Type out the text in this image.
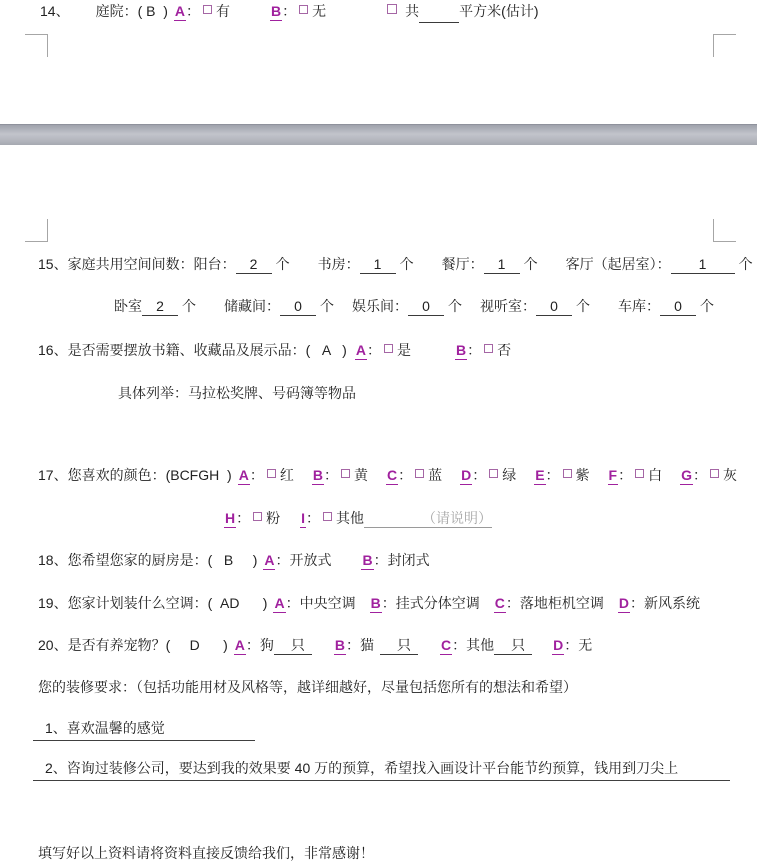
14、 庭院：( B  ) A： 有	B： 无	共	平方米(估计)
15、家庭共用空间间数：阳台： 2 个 书房： 1 个 餐厅： 1 个 客厅（起居室）： 1 个
卧室 2 个 储藏间： 0 个 娱乐间： 0 个 视听室： 0 个 车库： 0 个
16、是否需要摆放书籍、收藏品及展示品：(   A   ) A： 是	B： 否
具体列举：马拉松奖牌、号码簿等物品
17、您喜欢的颜色：(BCFGH  ) A： 红 B： 黄 C： 蓝 D： 绿 E： 紫 F： 白 G： 灰
H： 粉 I： 其他	（请说明）
18、您希望您家的厨房是：(   B     ) A：开放式 B：封闭式
19、您家计划装什么空调：(  AD      ) A：中央空调 B：挂式分体空调 C：落地柜机空调 D：新风系统
20、是否有养宠物？(     D      ) A：狗 只 B：猫 只 C：其他 只 D：无
您的装修要求：（包括功能用材及风格等，越详细越好，尽量包括您所有的想法和希望）
1、喜欢温馨的感觉
2、咨询过装修公司，要达到我的效果要 40 万的预算，希望找入画设计平台能节约预算，钱用到刀尖上
填写好以上资料请将资料直接反馈给我们，非常感谢！
